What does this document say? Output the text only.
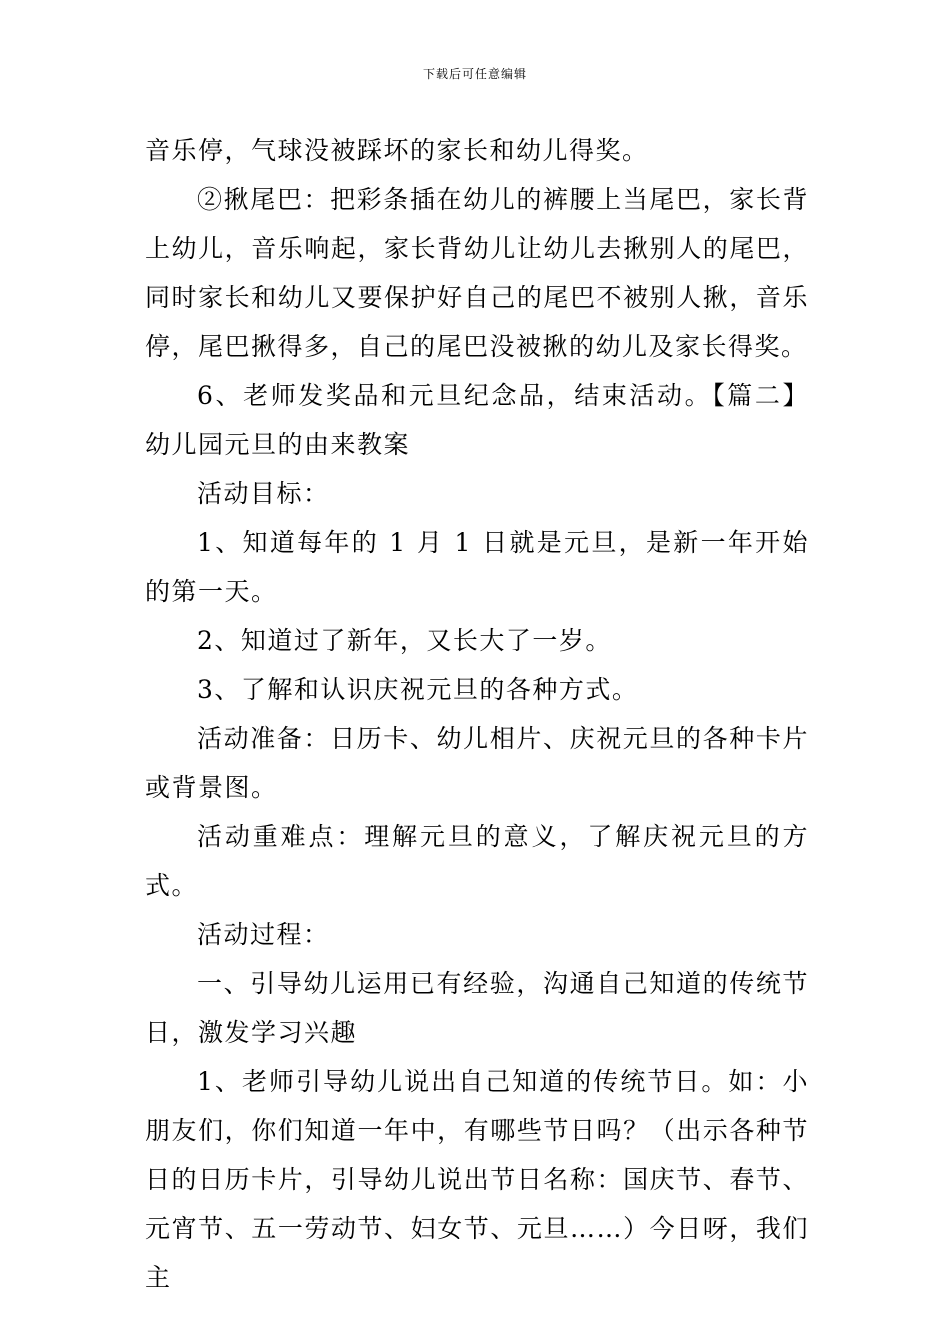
下载后可任意编辑

音乐停，气球没被踩坏的家长和幼儿得奖。

②揪尾巴：把彩条插在幼儿的裤腰上当尾巴，家长背上幼儿，音乐响起，家长背幼儿让幼儿去揪别人的尾巴，同时家长和幼儿又要保护好自己的尾巴不被别人揪，音乐停，尾巴揪得多，自己的尾巴没被揪的幼儿及家长得奖。

6、老师发奖品和元旦纪念品，结束活动。【篇二】幼儿园元旦的由来教案

活动目标：

1、知道每年的 1 月 1 日就是元旦，是新一年开始的第一天。

2、知道过了新年，又长大了一岁。

3、了解和认识庆祝元旦的各种方式。

活动准备：日历卡、幼儿相片、庆祝元旦的各种卡片或背景图。

活动重难点：理解元旦的意义，了解庆祝元旦的方式。

活动过程：

一、引导幼儿运用已有经验，沟通自己知道的传统节日，激发学习兴趣

1、老师引导幼儿说出自己知道的传统节日。如：小朋友们，你们知道一年中，有哪些节日吗？（出示各种节日的日历卡片，引导幼儿说出节日名称：国庆节、春节、元宵节、五一劳动节、妇女节、元旦……）今日呀，我们主
